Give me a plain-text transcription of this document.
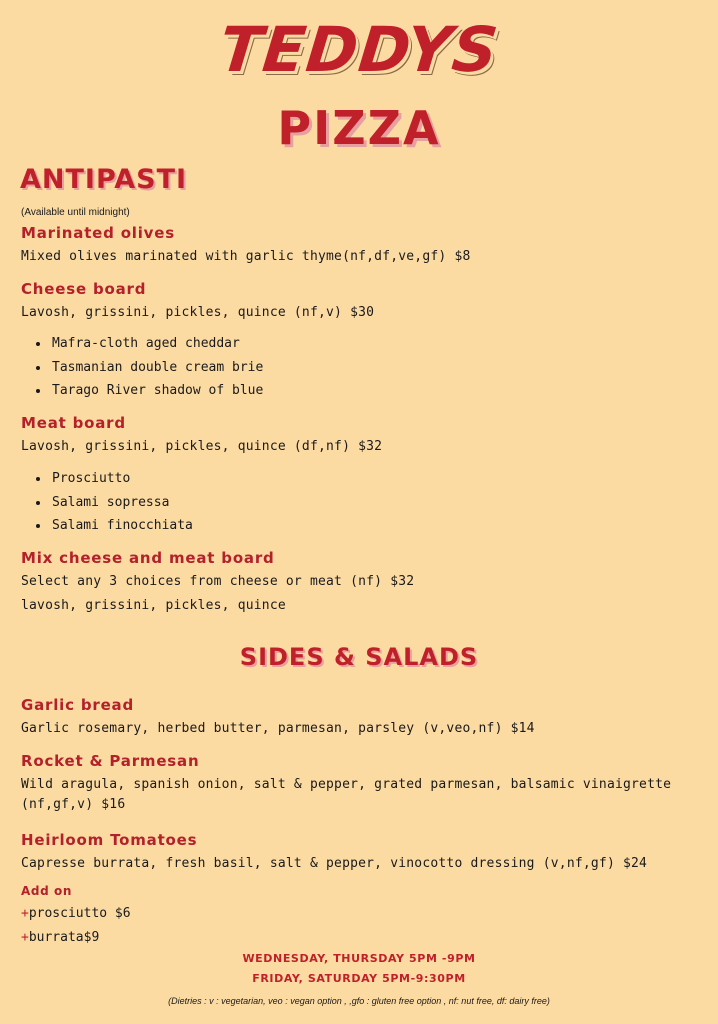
TEDDYS
PIZZA
ANTIPASTI
(Available until midnight)
Marinated olives
Mixed olives marinated with garlic thyme(nf,df,ve,gf) $8
Cheese board
Lavosh, grissini, pickles, quince (nf,v) $30
• Mafra-cloth aged cheddar
• Tasmanian double cream brie
• Tarago River shadow of blue
Meat board
Lavosh, grissini, pickles, quince (df,nf) $32
• Prosciutto
• Salami sopressa
• Salami finocchiata
Mix cheese and meat board
Select any 3 choices from cheese or meat (nf) $32
lavosh, grissini, pickles, quince
SIDES & SALADS
Garlic bread
Garlic rosemary, herbed butter, parmesan, parsley (v,veo,nf) $14
Rocket & Parmesan
Wild aragula, spanish onion, salt & pepper, grated parmesan, balsamic vinaigrette (nf,gf,v) $16
Heirloom Tomatoes
Capresse burrata, fresh basil, salt & pepper, vinocotto dressing (v,nf,gf) $24
Add on
+prosciutto $6
+burrata$9
WEDNESDAY, THURSDAY 5PM -9PM
FRIDAY, SATURDAY 5PM-9:30PM
(Dietries : v : vegetarian, veo : vegan option , ,gfo : gluten free option , nf: nut free, df: dairy free)
